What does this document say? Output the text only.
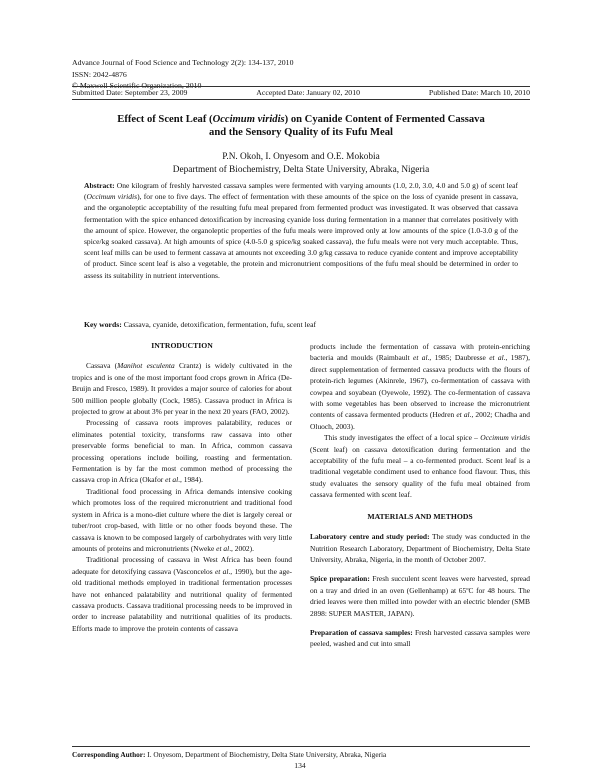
Advance Journal of Food Science and Technology 2(2): 134-137, 2010
ISSN: 2042-4876
© Maxwell Scientific Organization, 2010
Submitted Date: September 23, 2009	Accepted Date: January 02, 2010	Published Date: March 10, 2010
Effect of Scent Leaf (Occimum viridis) on Cyanide Content of Fermented Cassava
and the Sensory Quality of its Fufu Meal
P.N. Okoh, I. Onyesom and O.E. Mokobia
Department of Biochemistry, Delta State University, Abraka, Nigeria
Abstract: One kilogram of freshly harvested cassava samples were fermented with varying amounts (1.0, 2.0, 3.0, 4.0 and 5.0 g) of scent leaf (Occimum viridis), for one to five days. The effect of fermentation with these amounts of the spice on the loss of cyanide present in cassava, and the organoleptic acceptability of the resulting fufu meal prepared from fermented product was investigated. It was observed that cassava fermentation with the spice enhanced detoxification by increasing cyanide loss during fermentation in a manner that correlates positively with the amount of spice. However, the organoleptic properties of the fufu meals were improved only at low amounts of the spice (1.0-3.0 g of the spice/kg soaked cassava). At high amounts of spice (4.0-5.0 g spice/kg soaked cassava), the fufu meals were not very much acceptable. Thus, scent leaf mills can be used to ferment cassava at amounts not exceeding 3.0 g/kg cassava to reduce cyanide content and improve acceptability of product. Since scent leaf is also a vegetable, the protein and micronutrient compositions of the fufu meal should be determined in order to assess its suitability in nutrient interventions.
Key words: Cassava, cyanide, detoxification, fermentation, fufu, scent leaf
INTRODUCTION

Cassava (Manihot esculenta Crantz) is widely cultivated in the tropics and is one of the most important food crops grown in Africa (De-Bruijn and Fresco, 1989). It provides a major source of calories for about 500 million people globally (Cock, 1985). Cassava product in Africa is projected to grow at about 3% per year in the next 20 years (FAO, 2002).

Processing of cassava roots improves palatability, reduces or eliminates potential toxicity, transforms raw cassava into other preservable forms beneficial to man. In Africa, common cassava processing operations include boiling, roasting and fermentation. Fermentation is by far the most common method of processing the cassava crop in Africa (Okafor et al., 1984).

Traditional food processing in Africa demands intensive cooking which promotes loss of the required micronutrient and traditional food system in Africa is a mono-diet culture where the diet is largely cereal or tuber/root crop-based, with little or no other foods beyond these. The cassava is known to be composed largely of carbohydrates with very little amounts of proteins and micronutrients (Nweke et al., 2002).

Traditional processing of cassava in West Africa has been found adequate for detoxifying cassava (Vasconcelos et al., 1990), but the age-old traditional methods employed in traditional fermentation processes have not enhanced palatability and nutritional quality of fermented cassava products. Cassava traditional processing needs to be improved in order to increase palatability and nutritional qualities of its products. Efforts made to improve the protein contents of cassava

products include the fermentation of cassava with protein-enriching bacteria and moulds (Raimbault et al., 1985; Daubresse et al., 1987), direct supplementation of fermented cassava products with the flours of protein-rich legumes (Akinrele, 1967), co-fermentation of cassava with cowpea and soyabean (Oyewole, 1992). The co-fermentation of cassava with some vegetables has been observed to increase the micronutrient contents of cassava fermented products (Hedren et al., 2002; Chadha and Oluoch, 2003).

This study investigates the effect of a local spice – Occimum viridis (Scent leaf) on cassava detoxification during fermentation and the acceptability of the fufu meal – a co-fermented product. Scent leaf is a traditional vegetable condiment used to enhance food flavour. Thus, this study evaluates the sensory quality of the fufu meal obtained from cassava fermented with scent leaf.

MATERIALS AND METHODS

Laboratory centre and study period: The study was conducted in the Nutrition Research Laboratory, Department of Biochemistry, Delta State University, Abraka, Nigeria, in the month of October 2007.

Spice preparation: Fresh succulent scent leaves were harvested, spread on a tray and dried in an oven (Gellenhamp) at 65ºC for 48 hours. The dried leaves were then milled into powder with an electric blender (SMB 2898: SUPER MASTER, JAPAN).

Preparation of cassava samples: Fresh harvested cassava samples were peeled, washed and cut into small

Corresponding Author: I. Onyesom, Department of Biochemistry, Delta State University, Abraka, Nigeria
134
